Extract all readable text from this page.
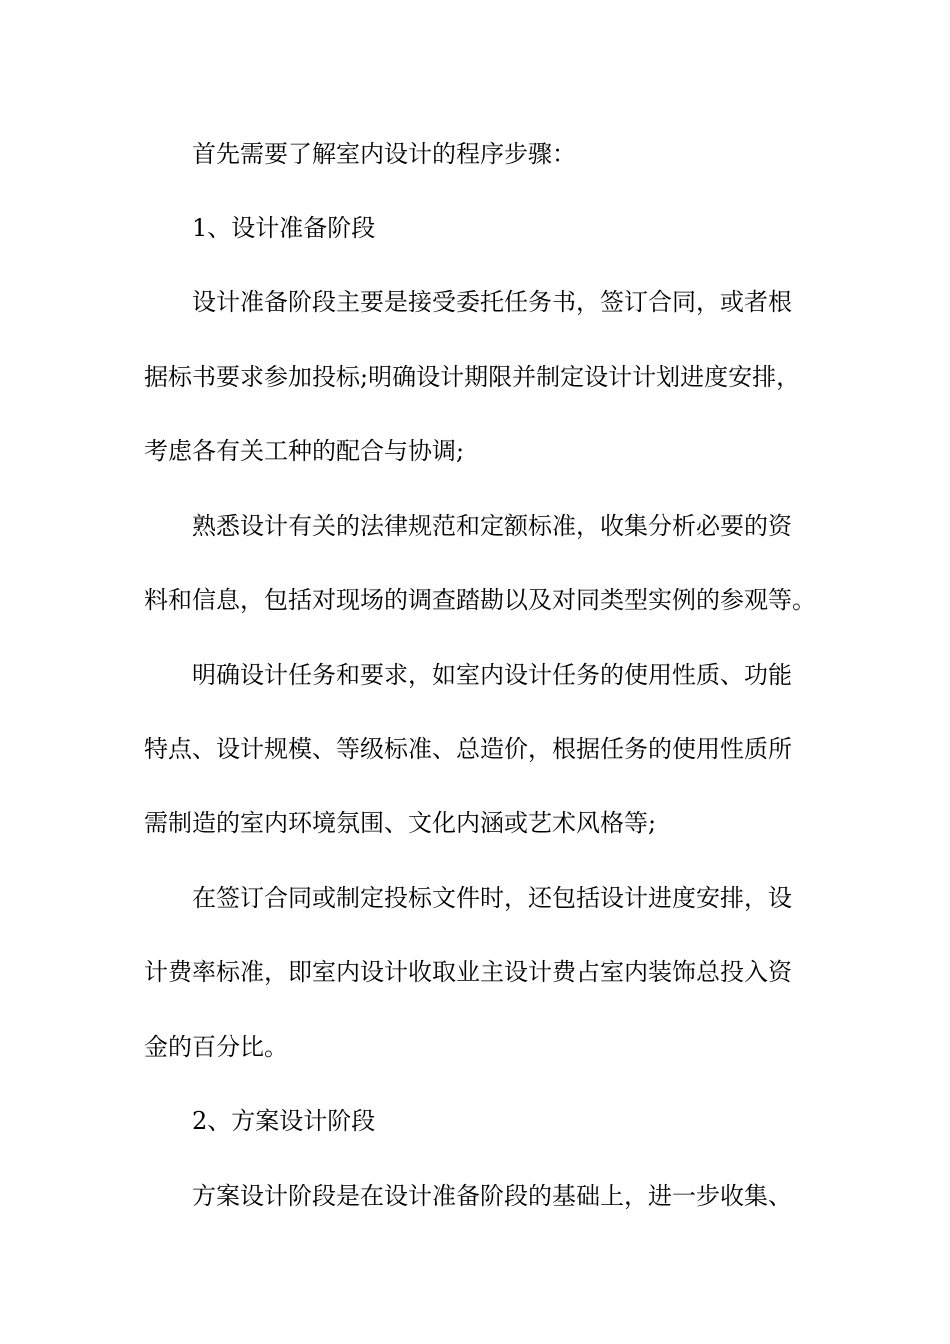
首先需要了解室内设计的程序步骤：
1、设计准备阶段
设计准备阶段主要是接受委托任务书，签订合同，或者根
据标书要求参加投标;明确设计期限并制定设计计划进度安排，
考虑各有关工种的配合与协调;
熟悉设计有关的法律规范和定额标准，收集分析必要的资
料和信息，包括对现场的调查踏勘以及对同类型实例的参观等。
明确设计任务和要求，如室内设计任务的使用性质、功能
特点、设计规模、等级标准、总造价，根据任务的使用性质所
需制造的室内环境氛围、文化内涵或艺术风格等;
在签订合同或制定投标文件时，还包括设计进度安排，设
计费率标准，即室内设计收取业主设计费占室内装饰总投入资
金的百分比。
2、方案设计阶段
方案设计阶段是在设计准备阶段的基础上，进一步收集、
